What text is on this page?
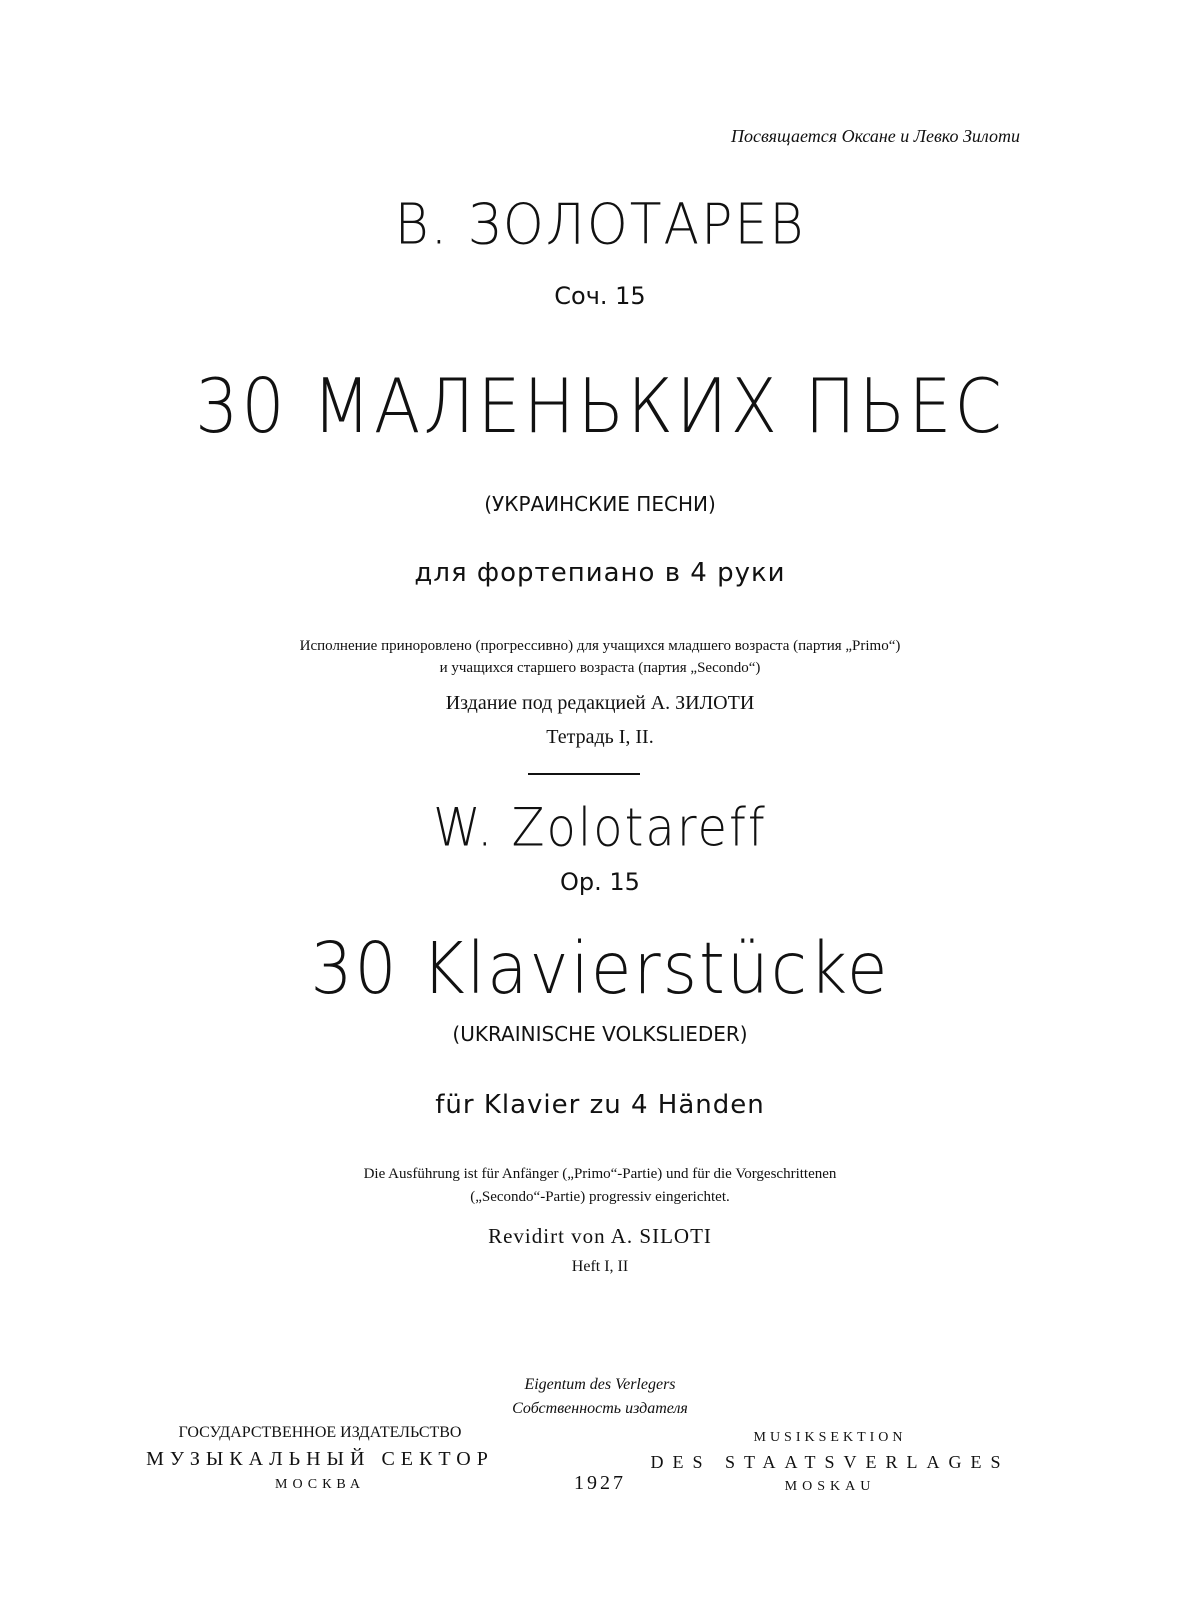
Посвящается Оксане и Левко Зилоти
В. ЗОЛОТАРЕВ
Соч. 15
30 МАЛЕНЬКИХ ПЬЕС
(УКРАИНСКИЕ ПЕСНИ)
для фортепиано в 4 руки
Исполнение приноровлено (прогрессивно) для учащихся младшего возраста (партия „Primo“)
и учащихся старшего возраста (партия „Secondo“)
Издание под редакцией А. ЗИЛОТИ
Тетрадь I, II.
W. Zolotareff
Op. 15
30 Klavierstücke
(UKRAINISCHE VOLKSLIEDER)
für Klavier zu 4 Händen
Die Ausführung ist für Anfänger („Primo“-Partie) und für die Vorgeschrittenen
(„Secondo“-Partie) progressiv eingerichtet.
Revidirt von A. SILOTI
Heft I, II
Eigentum des Verlegers
Собственность издателя
ГОСУДАРСТВЕННОЕ ИЗДАТЕЛЬСТВО
МУЗЫКАЛЬНЫЙ СЕКТОР
МОСКВА	1927
MUSIKSEKTION
DES STAATSVERLAGES
MOSKAU
